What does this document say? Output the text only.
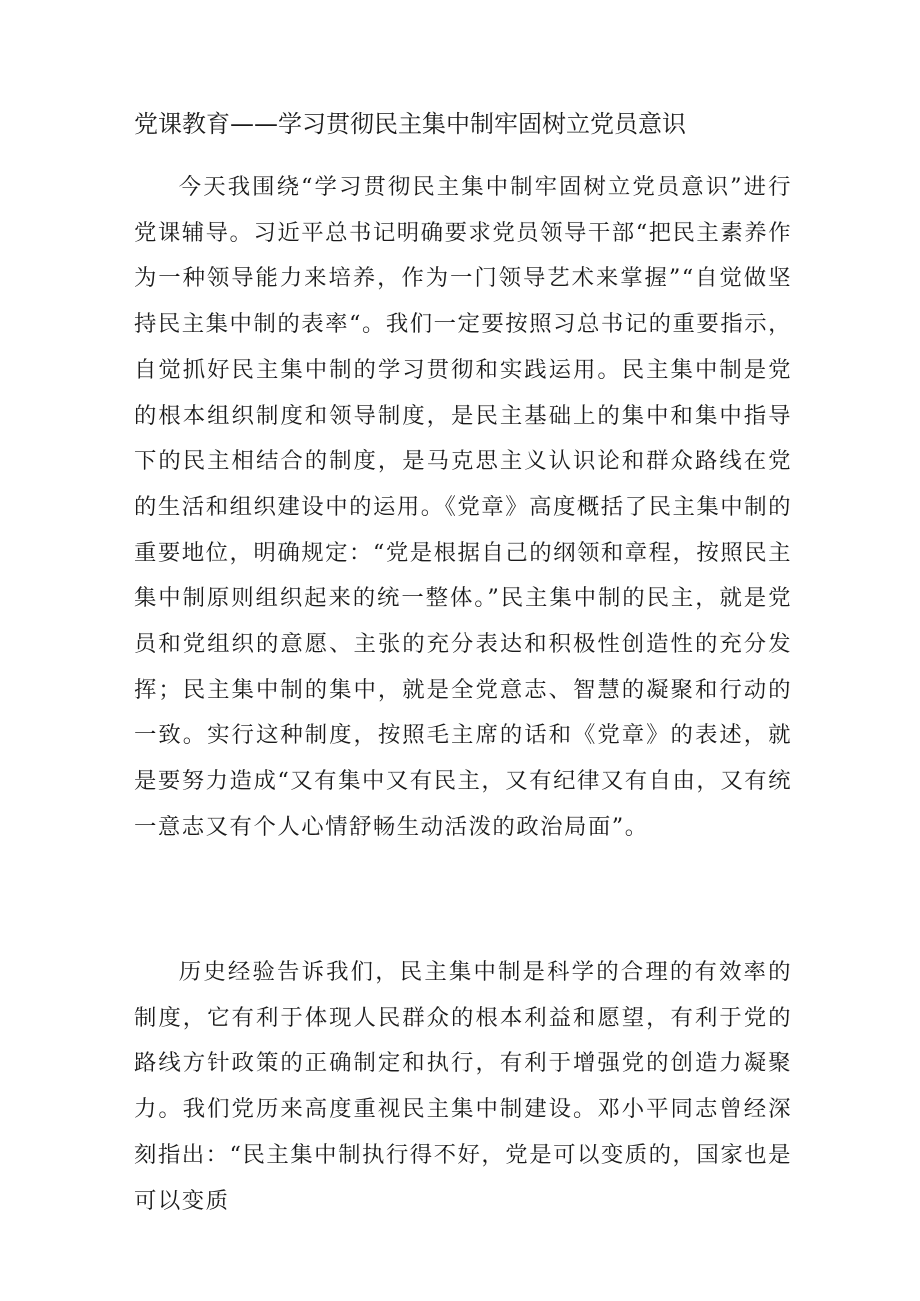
党课教育——学习贯彻民主集中制牢固树立党员意识

今天我围绕“学习贯彻民主集中制牢固树立党员意识”进行党课辅导。习近平总书记明确要求党员领导干部“把民主素养作为一种领导能力来培养，作为一门领导艺术来掌握”“自觉做坚持民主集中制的表率“。我们一定要按照习总书记的重要指示，自觉抓好民主集中制的学习贯彻和实践运用。民主集中制是党的根本组织制度和领导制度，是民主基础上的集中和集中指导下的民主相结合的制度，是马克思主义认识论和群众路线在党的生活和组织建设中的运用。《党章》高度概括了民主集中制的重要地位，明确规定：“党是根据自己的纲领和章程，按照民主集中制原则组织起来的统一整体。”民主集中制的民主，就是党员和党组织的意愿、主张的充分表达和积极性创造性的充分发挥；民主集中制的集中，就是全党意志、智慧的凝聚和行动的一致。实行这种制度，按照毛主席的话和《党章》的表述，就是要努力造成“又有集中又有民主，又有纪律又有自由，又有统一意志又有个人心情舒畅生动活泼的政治局面”。

历史经验告诉我们，民主集中制是科学的合理的有效率的制度，它有利于体现人民群众的根本利益和愿望，有利于党的路线方针政策的正确制定和执行，有利于增强党的创造力凝聚力。我们党历来高度重视民主集中制建设。邓小平同志曾经深刻指出：“民主集中制执行得不好，党是可以变质的，国家也是可以变质
